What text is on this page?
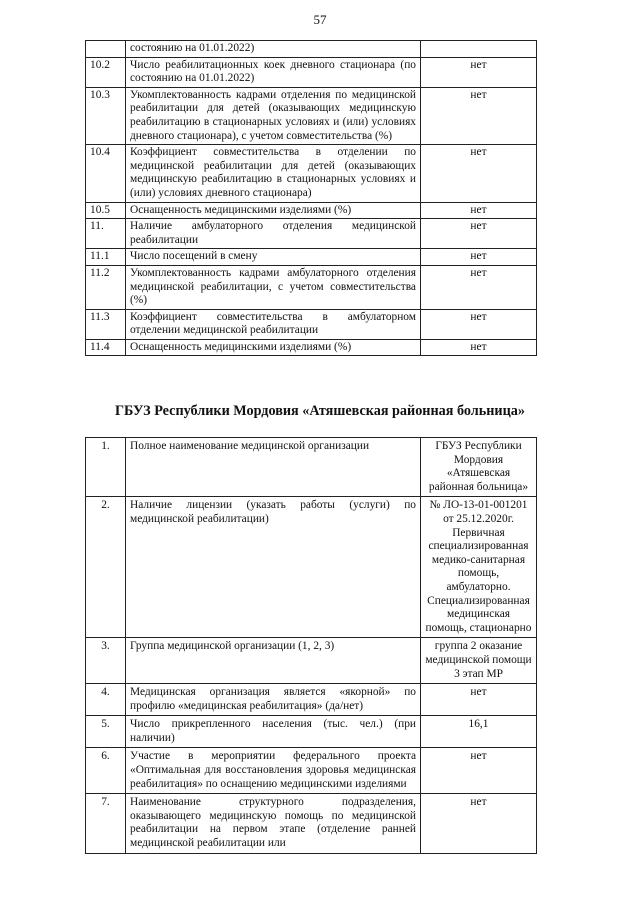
57
	состоянию на 01.01.2022)	
10.2	Число реабилитационных коек дневного стационара (по состоянию на 01.01.2022)	нет
10.3	Укомплектованность кадрами отделения по медицинской реабилитации для детей (оказывающих медицинскую реабилитацию в стационарных условиях и (или) условиях дневного стационара), с учетом совместительства (%)	нет
10.4	Коэффициент совместительства в отделении по медицинской реабилитации для детей (оказывающих медицинскую реабилитацию в стационарных условиях и (или) условиях дневного стационара)	нет
10.5	Оснащенность медицинскими изделиями (%)	нет
11.	Наличие амбулаторного отделения медицинской реабилитации	нет
11.1	Число посещений в смену	нет
11.2	Укомплектованность кадрами амбулаторного отделения медицинской реабилитации, с учетом совместительства (%)	нет
11.3	Коэффициент совместительства в амбулаторном отделении медицинской реабилитации	нет
11.4	Оснащенность медицинскими изделиями (%)	нет
ГБУЗ Республики Мордовия «Атяшевская районная больница»
1.	Полное наименование медицинской организации	ГБУЗ Республики Мордовия «Атяшевская районная больница»
2.	Наличие лицензии (указать работы (услуги) по медицинской реабилитации)	№ ЛО-13-01-001201 от 25.12.2020г. Первичная специализированная медико-санитарная помощь, амбулаторно. Специализированная медицинская помощь, стационарно
3.	Группа медицинской организации (1, 2, 3)	группа 2 оказание медицинской помощи 3 этап МР
4.	Медицинская организация является «якорной» по профилю «медицинская реабилитация» (да/нет)	нет
5.	Число прикрепленного населения (тыс. чел.) (при наличии)	16,1
6.	Участие в мероприятии федерального проекта «Оптимальная для восстановления здоровья медицинская реабилитация» по оснащению медицинскими изделиями	нет
7.	Наименование структурного подразделения, оказывающего медицинскую помощь по медицинской реабилитации на первом этапе (отделение ранней медицинской реабилитации или	нет
